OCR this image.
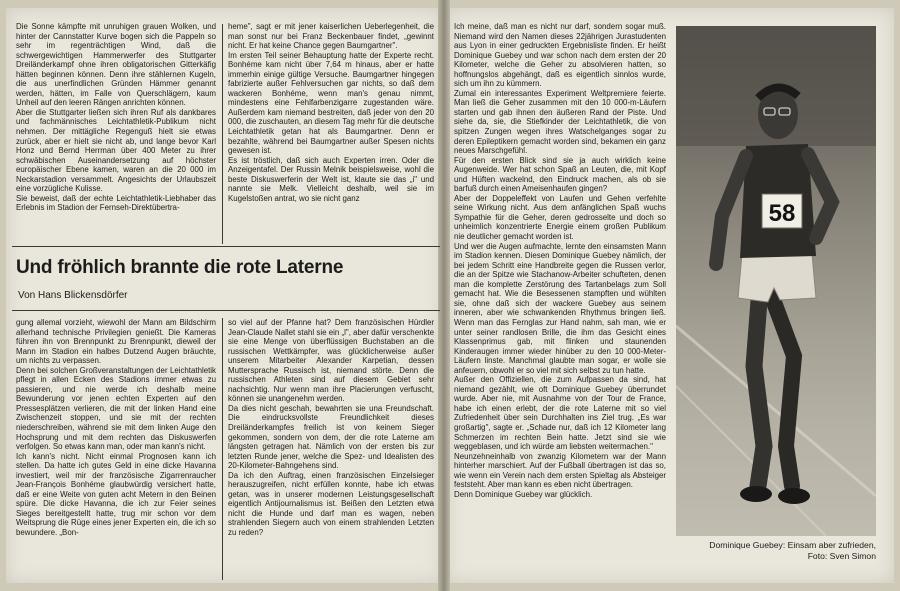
Die Sonne kämpfte mit unruhigen grauen Wolken, und hinter der Cannstatter Kurve bogen sich die Pappeln so sehr im regenträchtigen Wind, daß die schwergewichtigen Hammerwerfer des Stuttgarter Dreiländerkampf ohne ihren obligatorischen Gitterkäfig hätten beginnen können. Denn ihre stählernen Kugeln, die aus unerfindlichen Gründen Hämmer genannt werden, hätten, im Falle von Querschlägern, kaum Unheil auf den leeren Rängen anrichten können.

Aber die Stuttgarter ließen sich ihren Ruf als dankbares und fachmännisches Leichtathletik-Publikum nicht nehmen. Der mittägliche Regenguß hielt sie etwas zurück, aber er hielt sie nicht ab, und lange bevor Karl Honz und Bernd Herrman über 400 Meter zu ihrer schwäbischen Auseinandersetzung auf höchster europäischer Ebene kamen, waren an die 20 000 im Neckarstadion versammelt. Angesichts der Urlaubszeit eine vorzügliche Kulisse.

Sie beweist, daß der echte Leichtathletik-Liebhaber das Erlebnis im Stadion der Fernseh-Direktübertra-

heme", sagt er mit jener kaiserlichen Ueberlegenheit, die man sonst nur bei Franz Beckenbauer findet, „gewinnt nicht. Er hat keine Chance gegen Baumgartner".

Im ersten Teil seiner Behauptung hatte der Experte recht. Bonhéme kam nicht über 7,64 m hinaus, aber er hatte immerhin einige gültige Versuche. Baumgartner hingegen fabrizierte außer Fehlversuchen gar nichts, so daß dem wackeren Bonhéme, wenn man's genau nimmt, mindestens eine Fehlfarbenzigarre zugestanden wäre. Außerdem kam niemand bestreiten, daß jeder von den 20 000, die zuschauten, an diesem Tag mehr für die deutsche Leichtathletik getan hat als Baumgartner. Denn er bezahlte, während bei Baumgartner außer Spesen nichts gewesen ist.

Es ist tröstlich, daß sich auch Experten irren. Oder die Anzeigentafel. Der Russin Melnik beispielsweise, wohl die beste Diskuswerferin der Welt ist, klaute sie das „i" und nannte sie Melk. Vielleicht deshalb, weil sie im Kugelstoßen antrat, wo sie nicht ganz

Und fröhlich brannte die rote Laterne
Von Hans Blickensdörfer

gung allemal vorzieht, wiewohl der Mann am Bildschirm allerhand technische Privilegien genießt. Die Kameras führen ihn von Brennpunkt zu Brennpunkt, dieweil der Mann im Stadion ein halbes Dutzend Augen bräuchte, um nichts zu verpassen.

Denn bei solchen Großveranstaltungen der Leichtathletik pflegt in allen Ecken des Stadions immer etwas zu passieren, und nie werde ich deshalb meine Bewunderung vor jenen echten Experten auf den Pressesplätzen verlieren, die mit der linken Hand eine Zwischenzeit stoppen, und sie mit der rechten niederschreiben, während sie mit dem linken Auge den Hochsprung und mit dem rechten das Diskuswerfen verfolgen. So etwas kann man, oder man kann's nicht.

Ich kann's nicht. Nicht einmal Prognosen kann ich stellen. Da hatte ich gutes Geld in eine dicke Havanna investiert, weil mir der französische Zigarrenraucher Jean-François Bonhéme glaubwürdig versichert hatte, daß er eine Weite von guten acht Metern in den Beinen spüre. Die dicke Havanna, die ich zur Feier seines Sieges bereitgestellt hatte, trug mir schon vor dem Weitsprung die Rüge eines jener Experten ein, die ich so bewundere. „Bon-

so viel auf der Pfanne hat? Dem französischen Hürdler Jean-Claude Nallet stahl sie ein „l", aber dafür verschenkte sie eine Menge von überflüssigen Buchstaben an die russischen Wettkämpfer, was glücklicherweise außer unserem Mitarbeiter Alexander Karpetian, dessen Muttersprache Russisch ist, niemand störte. Denn die russischen Athleten sind auf diesem Gebiet sehr nachsichtig. Nur wenn man ihre Placierungen verfuscht, können sie unangenehm werden.

Da dies nicht geschah, bewahrten sie una Freundschaft. Die eindrucksvollste Freundlichkeit dieses Dreiländerkampfes freilich ist von keinem Sieger gekommen, sondern von dem, der die rote Laterne am längsten getragen hat. Nämlich von der ersten bis zur letzten Runde jener, welche die Spez- und Idealisten des 20-Kilometer-Bahngehens sind.

Da ich den Auftrag, einen französischen Einzelsieger herauszugreifen, nicht erfüllen konnte, habe ich etwas getan, was in unserer modernen Leistungsgesellschaft eigentlich Antijournalismus ist. Beißen den Letzten etwa nicht die Hunde und darf man es wagen, neben strahlenden Siegern auch von einem strahlenden Letzten zu reden?

Ich meine, daß man es nicht nur darf, sondern sogar muß. Niemand wird den Namen dieses 22jährigen Jurastudenten aus Lyon in einer gedruckten Ergebnisliste finden. Er heißt Dominique Guebey und war schon nach dem ersten der 20 Kilometer, welche die Geher zu absolvieren hatten, so hoffnungslos abgehängt, daß es eigentlich sinnlos wurde, sich um ihn zu kümmern.

Zumal ein interessantes Experiment Weltpremiere feierte. Man ließ die Geher zusammen mit den 10 000-m-Läufern starten und gab ihnen den äußeren Rand der Piste. Und siehe da, sie, die Stiefkinder der Leichtathletik, die von spitzen Zungen wegen ihres Watschelganges sogar zu deren Epileptikern gemacht worden sind, bekamen ein ganz neues Marschgefühl.

Für den ersten Blick sind sie ja auch wirklich keine Augenweide. Wer hat schon Spaß an Leuten, die, mit Kopf und Hüften wackelnd, den Eindruck machen, als ob sie barfuß durch einen Ameisenhaufen gingen?

Aber der Doppeleffekt von Laufen und Gehen verfehlte seine Wirkung nicht. Aus dem anfänglichen Spaß wuchs Sympathie für die Geher, deren gedrosselte und doch so unheimlich konzentrierte Energie einem großen Publikum nie deutlicher gemacht worden ist.

Und wer die Augen aufmachte, lernte den einsamsten Mann im Stadion kennen. Diesen Dominique Guebey nämlich, der bei jedem Schritt eine Handbreite gegen die Russen verlor, die an der Spitze wie Stachanow-Arbeiter schufteten, denen man die komplette Zerstörung des Tartanbelags zum Soll gemacht hat. Wie die Besessenen stampften und wühlten sie, ohne daß sich der wackere Guebey aus seinem inneren, aber wie schwankenden Rhythmus bringen ließ. Wenn man das Fernglas zur Hand nahm, sah man, wie er unter seiner randlosen Brille, die ihm das Gesicht eines Klassenprimus gab, mit flinken und staunenden Kinderaugen immer wieder hinüber zu den 10 000-Meter-Läufern linste. Manchmal glaubte man sogar, er wolle sie anfeuern, obwohl er so viel mit sich selbst zu tun hatte.

Außer den Offiziellen, die zum Aufpassen da sind, hat niemand gezählt, wie oft Dominique Guebey überrundet wurde. Aber nie, mit Ausnahme von der Tour de France, habe ich einen erlebt, der die rote Laterne mit so viel Zufriedenheit über sein Durchhalten ins Ziel trug. „Es war großartig", sagte er. „Schade nur, daß ich 12 Kilometer lang Schmerzen im rechten Bein hatte. Jetzt sind sie wie weggeblasen, und ich würde am liebsten weitermachen."

Neunzehneinhalb von zwanzig Kilometern war der Mann hinterher marschiert. Auf der Fußball übertragen ist das so, wie wenn ein Verein nach dem ersten Spieltag als Absteiger feststeht. Aber man kann es eben nicht übertragen.

Denn Dominique Guebey war glücklich.

58
Dominique Guebey: Einsam aber zufrieden,
Foto: Sven Simon
